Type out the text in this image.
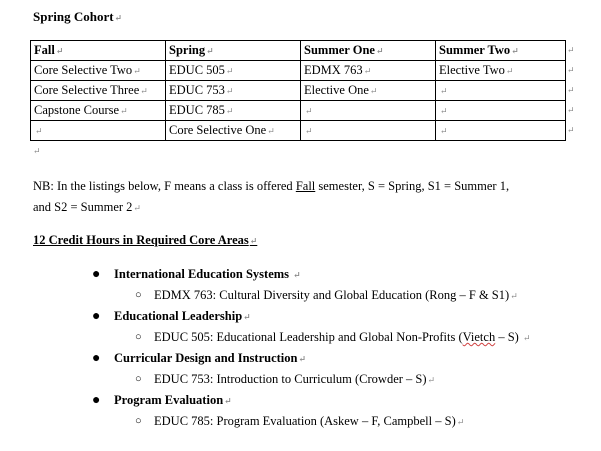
Spring Cohort↵
Fall↵	Spring↵	Summer One↵	Summer Two↵
Core Selective Two↵	EDUC 505↵	EDMX 763↵	Elective Two↵
Core Selective Three↵	EDUC 753↵	Elective One↵	↵
Capstone Course↵	EDUC 785↵	↵	↵
↵	Core Selective One↵	↵	↵
↵
↵
↵
↵
↵
↵
NB: In the listings below, F means a class is offered Fall semester, S = Spring, S1 = Summer 1,
and S2 = Summer 2↵
12 Credit Hours in Required Core Areas↵
● International Education Systems ↵
○ EDMX 763: Cultural Diversity and Global Education (Rong – F & S1)↵
● Educational Leadership↵
○ EDUC 505: Educational Leadership and Global Non-Profits (Vietch – S) ↵
● Curricular Design and Instruction↵
○ EDUC 753: Introduction to Curriculum (Crowder – S)↵
● Program Evaluation↵
○ EDUC 785: Program Evaluation (Askew – F, Campbell – S)↵
